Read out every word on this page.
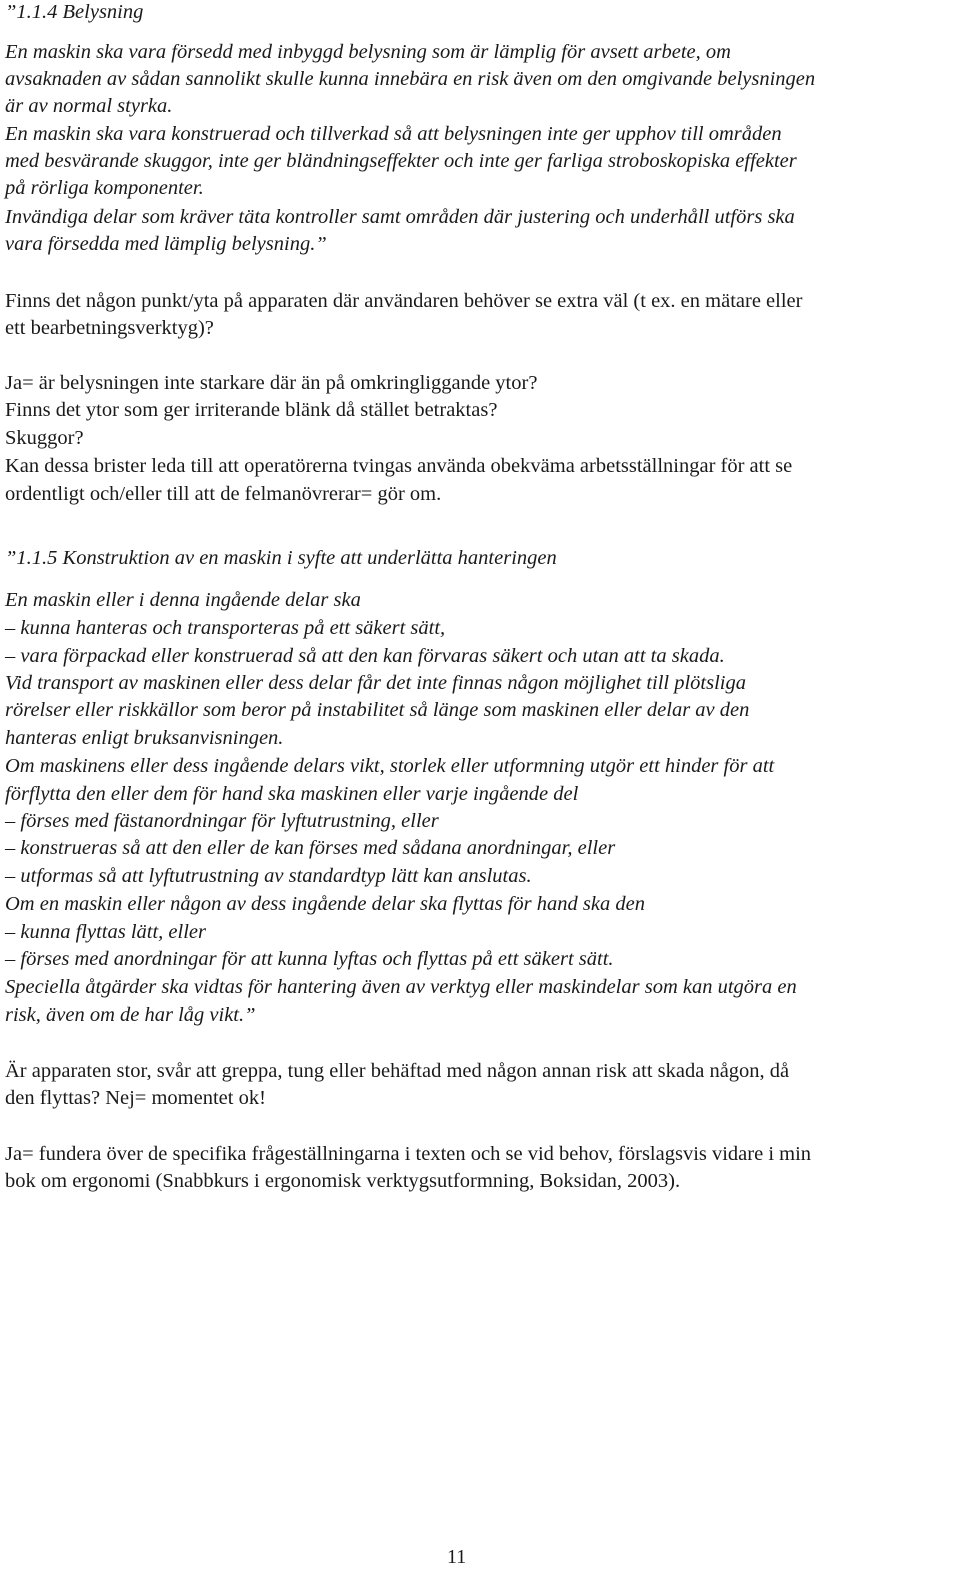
”1.1.4 Belysning
En maskin ska vara försedd med inbyggd belysning som är lämplig för avsett arbete, om
avsaknaden av sådan sannolikt skulle kunna innebära en risk även om den omgivande belysningen
är av normal styrka.
En maskin ska vara konstruerad och tillverkad så att belysningen inte ger upphov till områden
med besvärande skuggor, inte ger bländningseffekter och inte ger farliga stroboskopiska effekter
på rörliga komponenter.
Invändiga delar som kräver täta kontroller samt områden där justering och underhåll utförs ska
vara försedda med lämplig belysning.”
Finns det någon punkt/yta på apparaten där användaren behöver se extra väl (t ex. en mätare eller
ett bearbetningsverktyg)?
Ja= är belysningen inte starkare där än på omkringliggande ytor?
Finns det ytor som ger irriterande blänk då stället betraktas?
Skuggor?
Kan dessa brister leda till att operatörerna tvingas använda obekväma arbetsställningar för att se
ordentligt och/eller till att de felmanövrerar= gör om.
”1.1.5 Konstruktion av en maskin i syfte att underlätta hanteringen
En maskin eller i denna ingående delar ska
– kunna hanteras och transporteras på ett säkert sätt,
– vara förpackad eller konstruerad så att den kan förvaras säkert och utan att ta skada.
Vid transport av maskinen eller dess delar får det inte finnas någon möjlighet till plötsliga
rörelser eller riskkällor som beror på instabilitet så länge som maskinen eller delar av den
hanteras enligt bruksanvisningen.
Om maskinens eller dess ingående delars vikt, storlek eller utformning utgör ett hinder för att
förflytta den eller dem för hand ska maskinen eller varje ingående del
– förses med fästanordningar för lyftutrustning, eller
– konstrueras så att den eller de kan förses med sådana anordningar, eller
– utformas så att lyftutrustning av standardtyp lätt kan anslutas.
Om en maskin eller någon av dess ingående delar ska flyttas för hand ska den
– kunna flyttas lätt, eller
– förses med anordningar för att kunna lyftas och flyttas på ett säkert sätt.
Speciella åtgärder ska vidtas för hantering även av verktyg eller maskindelar som kan utgöra en
risk, även om de har låg vikt.”
Är apparaten stor, svår att greppa, tung eller behäftad med någon annan risk att skada någon, då
den flyttas? Nej= momentet ok!
Ja= fundera över de specifika frågeställningarna i texten och se vid behov, förslagsvis vidare i min
bok om ergonomi (Snabbkurs i ergonomisk verktygsutformning, Boksidan, 2003).
11
